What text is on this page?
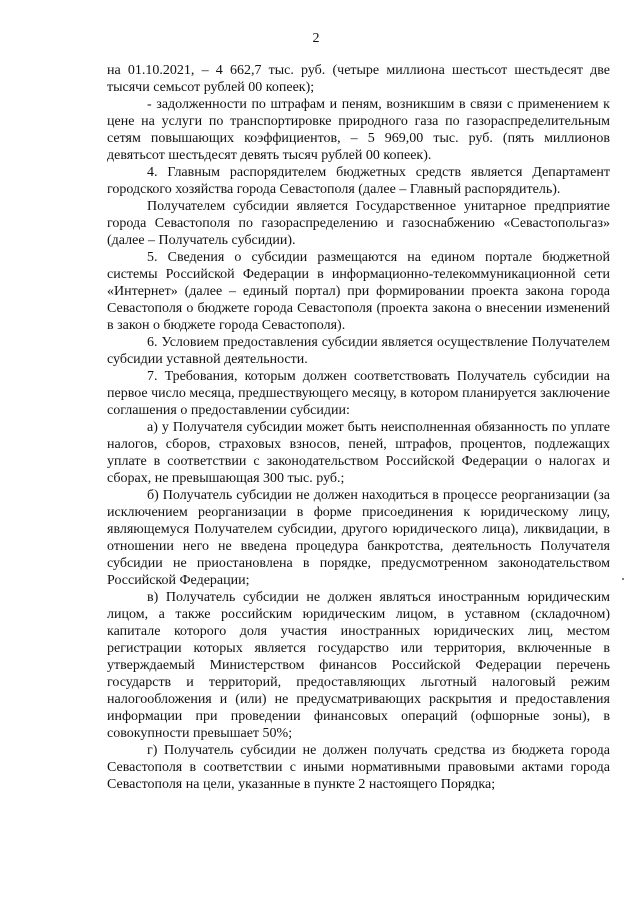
2

на 01.10.2021, – 4 662,7 тыс. руб. (четыре миллиона шестьсот шестьдесят две тысячи семьсот рублей 00 копеек);

- задолженности по штрафам и пеням, возникшим в связи с применением к цене на услуги по транспортировке природного газа по газораспределительным сетям повышающих коэффициентов, – 5 969,00 тыс. руб. (пять миллионов девятьсот шестьдесят девять тысяч рублей 00 копеек).

4. Главным распорядителем бюджетных средств является Департамент городского хозяйства города Севастополя (далее – Главный распорядитель).

Получателем субсидии является Государственное унитарное предприятие города Севастополя по газораспределению и газоснабжению «Севастопольгаз» (далее – Получатель субсидии).

5. Сведения о субсидии размещаются на едином портале бюджетной системы Российской Федерации в информационно-телекоммуникационной сети «Интернет» (далее – единый портал) при формировании проекта закона города Севастополя о бюджете города Севастополя (проекта закона о внесении изменений в закон о бюджете города Севастополя).

6. Условием предоставления субсидии является осуществление Получателем субсидии уставной деятельности.

7. Требования, которым должен соответствовать Получатель субсидии на первое число месяца, предшествующего месяцу, в котором планируется заключение соглашения о предоставлении субсидии:

а) у Получателя субсидии может быть неисполненная обязанность по уплате налогов, сборов, страховых взносов, пеней, штрафов, процентов, подлежащих уплате в соответствии с законодательством Российской Федерации о налогах и сборах, не превышающая 300 тыс. руб.;

б) Получатель субсидии не должен находиться в процессе реорганизации (за исключением реорганизации в форме присоединения к юридическому лицу, являющемуся Получателем субсидии, другого юридического лица), ликвидации, в отношении него не введена процедура банкротства, деятельность Получателя субсидии не приостановлена в порядке, предусмотренном законодательством Российской Федерации;

в) Получатель субсидии не должен являться иностранным юридическим лицом, а также российским юридическим лицом, в уставном (складочном) капитале которого доля участия иностранных юридических лиц, местом регистрации которых является государство или территория, включенные в утверждаемый Министерством финансов Российской Федерации перечень государств и территорий, предоставляющих льготный налоговый режим налогообложения и (или) не предусматривающих раскрытия и предоставления информации при проведении финансовых операций (офшорные зоны), в совокупности превышает 50%;

г) Получатель субсидии не должен получать средства из бюджета города Севастополя в соответствии с иными нормативными правовыми актами города Севастополя на цели, указанные в пункте 2 настоящего Порядка;
